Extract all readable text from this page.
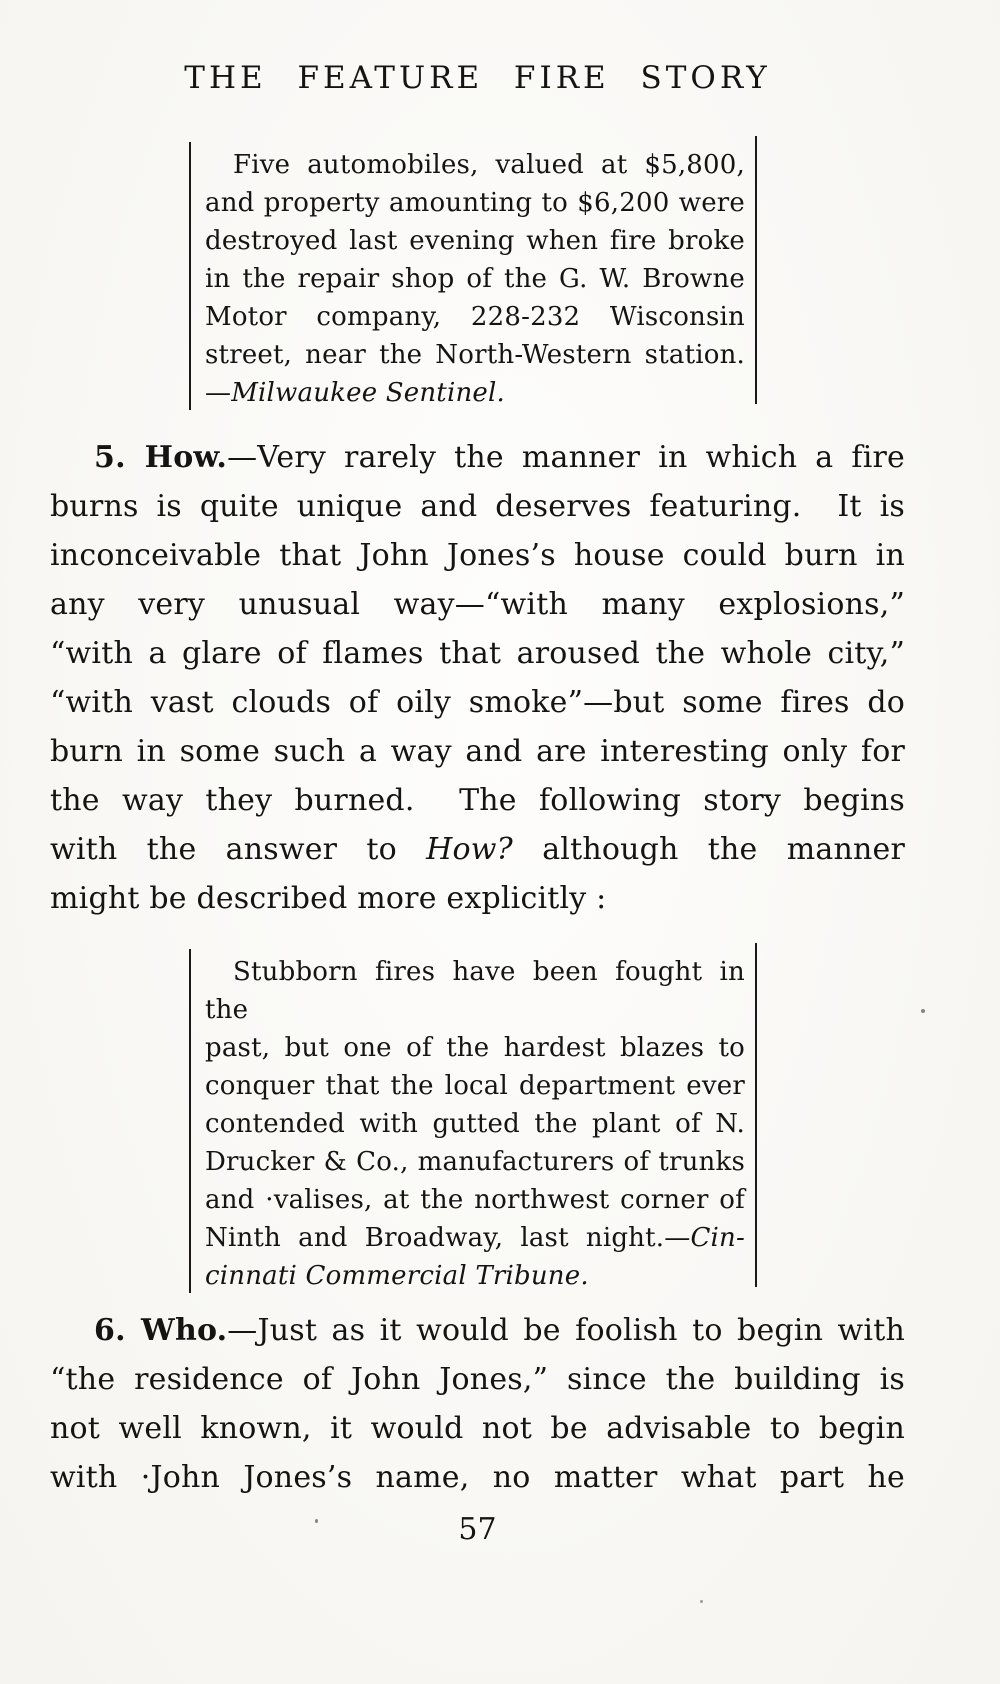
THE FEATURE FIRE STORY
Five automobiles, valued at $5,800,
and property amounting to $6,200 were
destroyed last evening when fire broke
in the repair shop of the G. W. Browne
Motor company, 228-232 Wisconsin
street, near the North-Western station.
—Milwaukee Sentinel.
5. How.—Very rarely the manner in which a fire
burns is quite unique and deserves featuring.  It is
inconceivable that John Jones’s house could burn in
any very unusual way—“with many explosions,”
“with a glare of flames that aroused the whole city,”
“with vast clouds of oily smoke”—but some fires do
burn in some such a way and are interesting only for
the way they burned.  The following story begins
with the answer to How? although the manner
might be described more explicitly :
Stubborn fires have been fought in the
past, but one of the hardest blazes to
conquer that the local department ever
contended with gutted the plant of N.
Drucker & Co., manufacturers of trunks
and ·valises, at the northwest corner of
Ninth and Broadway, last night.—Cin-
cinnati Commercial Tribune.
6. Who.—Just as it would be foolish to begin with
“the residence of John Jones,” since the building is
not well known, it would not be advisable to begin
with ·John Jones’s name, no matter what part he
57
